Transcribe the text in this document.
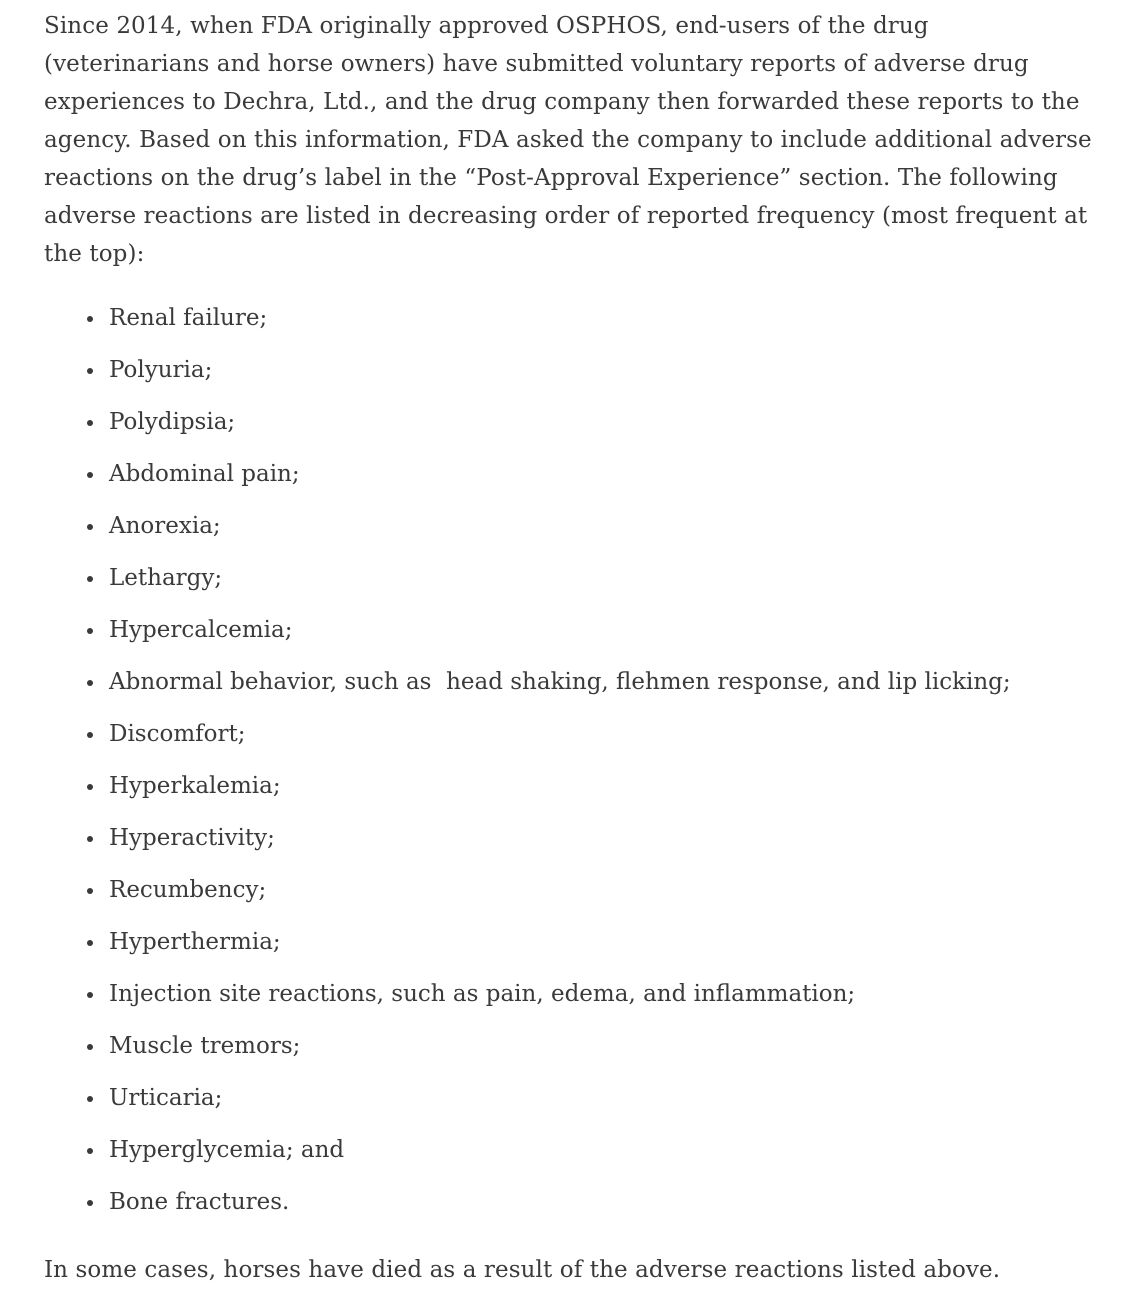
Since 2014, when FDA originally approved OSPHOS, end-users of the drug (veterinarians and horse owners) have submitted voluntary reports of adverse drug experiences to Dechra, Ltd., and the drug company then forwarded these reports to the agency. Based on this information, FDA asked the company to include additional adverse reactions on the drug’s label in the “Post-Approval Experience” section. The following adverse reactions are listed in decreasing order of reported frequency (most frequent at the top):

• Renal failure;
• Polyuria;
• Polydipsia;
• Abdominal pain;
• Anorexia;
• Lethargy;
• Hypercalcemia;
• Abnormal behavior, such as  head shaking, flehmen response, and lip licking;
• Discomfort;
• Hyperkalemia;
• Hyperactivity;
• Recumbency;
• Hyperthermia;
• Injection site reactions, such as pain, edema, and inflammation;
• Muscle tremors;
• Urticaria;
• Hyperglycemia; and
• Bone fractures.

In some cases, horses have died as a result of the adverse reactions listed above.
